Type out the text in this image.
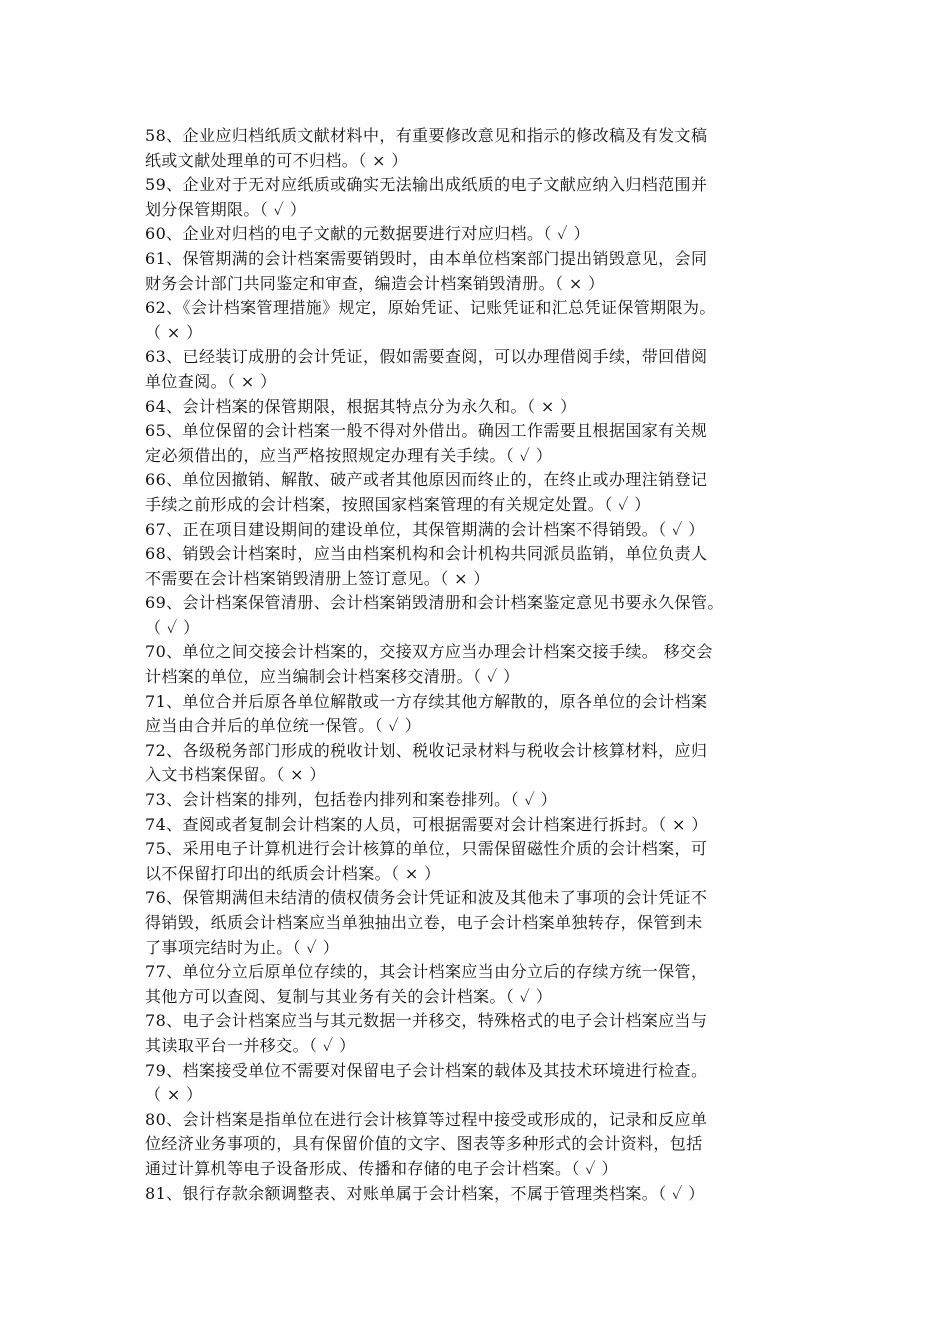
58、企业应归档纸质文献材料中，有重要修改意见和指示的修改稿及有发文稿
纸或文献处理单的可不归档。（ × ）
59、企业对于无对应纸质或确实无法输出成纸质的电子文献应纳入归档范围并
划分保管期限。（ ✓ ）
60、企业对归档的电子文献的元数据要进行对应归档。（ ✓ ）
61、保管期满的会计档案需要销毁时，由本单位档案部门提出销毁意见，会同
财务会计部门共同鉴定和审查，编造会计档案销毁清册。（ × ）
62、《会计档案管理措施》规定，原始凭证、记账凭证和汇总凭证保管期限为。
（ × ）
63、已经装订成册的会计凭证，假如需要查阅，可以办理借阅手续，带回借阅
单位查阅。（ × ）
64、会计档案的保管期限，根据其特点分为永久和。（ × ）
65、单位保留的会计档案一般不得对外借出。确因工作需要且根据国家有关规
定必须借出的，应当严格按照规定办理有关手续。（ ✓ ）
66、单位因撤销、解散、破产或者其他原因而终止的，在终止或办理注销登记
手续之前形成的会计档案，按照国家档案管理的有关规定处置。（ ✓ ）
67、正在项目建设期间的建设单位，其保管期满的会计档案不得销毁。（ ✓ ）
68、销毁会计档案时，应当由档案机构和会计机构共同派员监销，单位负责人
不需要在会计档案销毁清册上签订意见。（ × ）
69、会计档案保管清册、会计档案销毁清册和会计档案鉴定意见书要永久保管。
（ ✓ ）
70、单位之间交接会计档案的，交接双方应当办理会计档案交接手续。 移交会
计档案的单位，应当编制会计档案移交清册。（ ✓ ）
71、单位合并后原各单位解散或一方存续其他方解散的，原各单位的会计档案
应当由合并后的单位统一保管。（ ✓ ）
72、各级税务部门形成的税收计划、税收记录材料与税收会计核算材料，应归
入文书档案保留。（ × ）
73、会计档案的排列，包括卷内排列和案卷排列。（ ✓ ）
74、查阅或者复制会计档案的人员，可根据需要对会计档案进行拆封。（ × ）
75、采用电子计算机进行会计核算的单位，只需保留磁性介质的会计档案，可
以不保留打印出的纸质会计档案。（ × ）
76、保管期满但未结清的债权债务会计凭证和波及其他未了事项的会计凭证不
得销毁，纸质会计档案应当单独抽出立卷，电子会计档案单独转存，保管到未
了事项完结时为止。（ ✓ ）
77、单位分立后原单位存续的，其会计档案应当由分立后的存续方统一保管，
其他方可以查阅、复制与其业务有关的会计档案。（ ✓ ）
78、电子会计档案应当与其元数据一并移交，特殊格式的电子会计档案应当与
其读取平台一并移交。（ ✓ ）
79、档案接受单位不需要对保留电子会计档案的载体及其技术环境进行检查。
（ × ）
80、会计档案是指单位在进行会计核算等过程中接受或形成的，记录和反应单
位经济业务事项的，具有保留价值的文字、图表等多种形式的会计资料，包括
通过计算机等电子设备形成、传播和存储的电子会计档案。（ ✓ ）
81、银行存款余额调整表、对账单属于会计档案，不属于管理类档案。（ ✓ ）
